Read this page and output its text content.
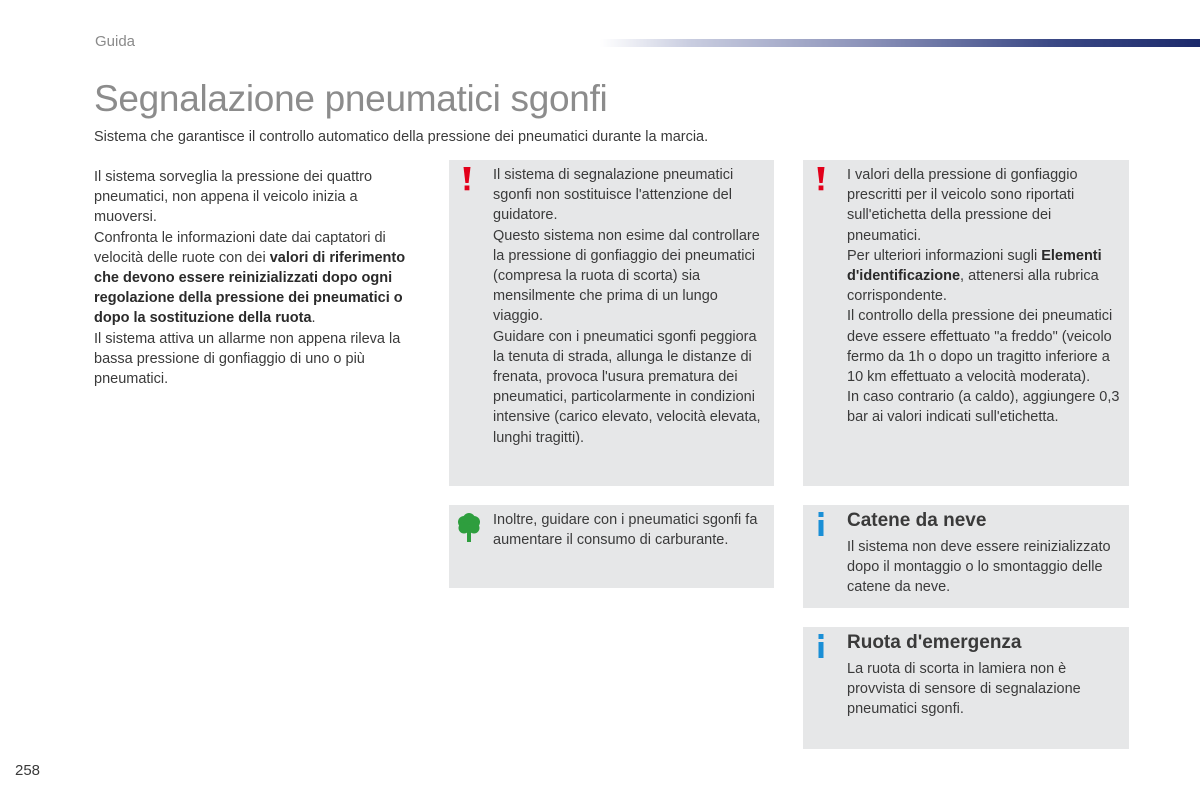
Guida
Segnalazione pneumatici sgonfi

Sistema che garantisce il controllo automatico della pressione dei pneumatici durante la marcia.

Il sistema sorveglia la pressione dei quattro pneumatici, non appena il veicolo inizia a muoversi.

Confronta le informazioni date dai captatori di velocità delle ruote con dei valori di riferimento che devono essere reinizializzati dopo ogni regolazione della pressione dei pneumatici o dopo la sostituzione della ruota.

Il sistema attiva un allarme non appena rileva la bassa pressione di gonfiaggio di uno o più pneumatici.

Il sistema di segnalazione pneumatici sgonfi non sostituisce l'attenzione del guidatore.

Questo sistema non esime dal controllare la pressione di gonfiaggio dei pneumatici (compresa la ruota di scorta) sia mensilmente che prima di un lungo viaggio.

Guidare con i pneumatici sgonfi peggiora la tenuta di strada, allunga le distanze di frenata, provoca l'usura prematura dei pneumatici, particolarmente in condizioni intensive (carico elevato, velocità elevata, lunghi tragitti).

I valori della pressione di gonfiaggio prescritti per il veicolo sono riportati sull'etichetta della pressione dei pneumatici.

Per ulteriori informazioni sugli Elementi d'identificazione, attenersi alla rubrica corrispondente.

Il controllo della pressione dei pneumatici deve essere effettuato "a freddo" (veicolo fermo da 1h o dopo un tragitto inferiore a 10 km effettuato a velocità moderata).

In caso contrario (a caldo), aggiungere 0,3 bar ai valori indicati sull'etichetta.

Inoltre, guidare con i pneumatici sgonfi fa aumentare il consumo di carburante.

Catene da neve

Il sistema non deve essere reinizializzato dopo il montaggio o lo smontaggio delle catene da neve.

Ruota d'emergenza

La ruota di scorta in lamiera non è provvista di sensore di segnalazione pneumatici sgonfi.

258
